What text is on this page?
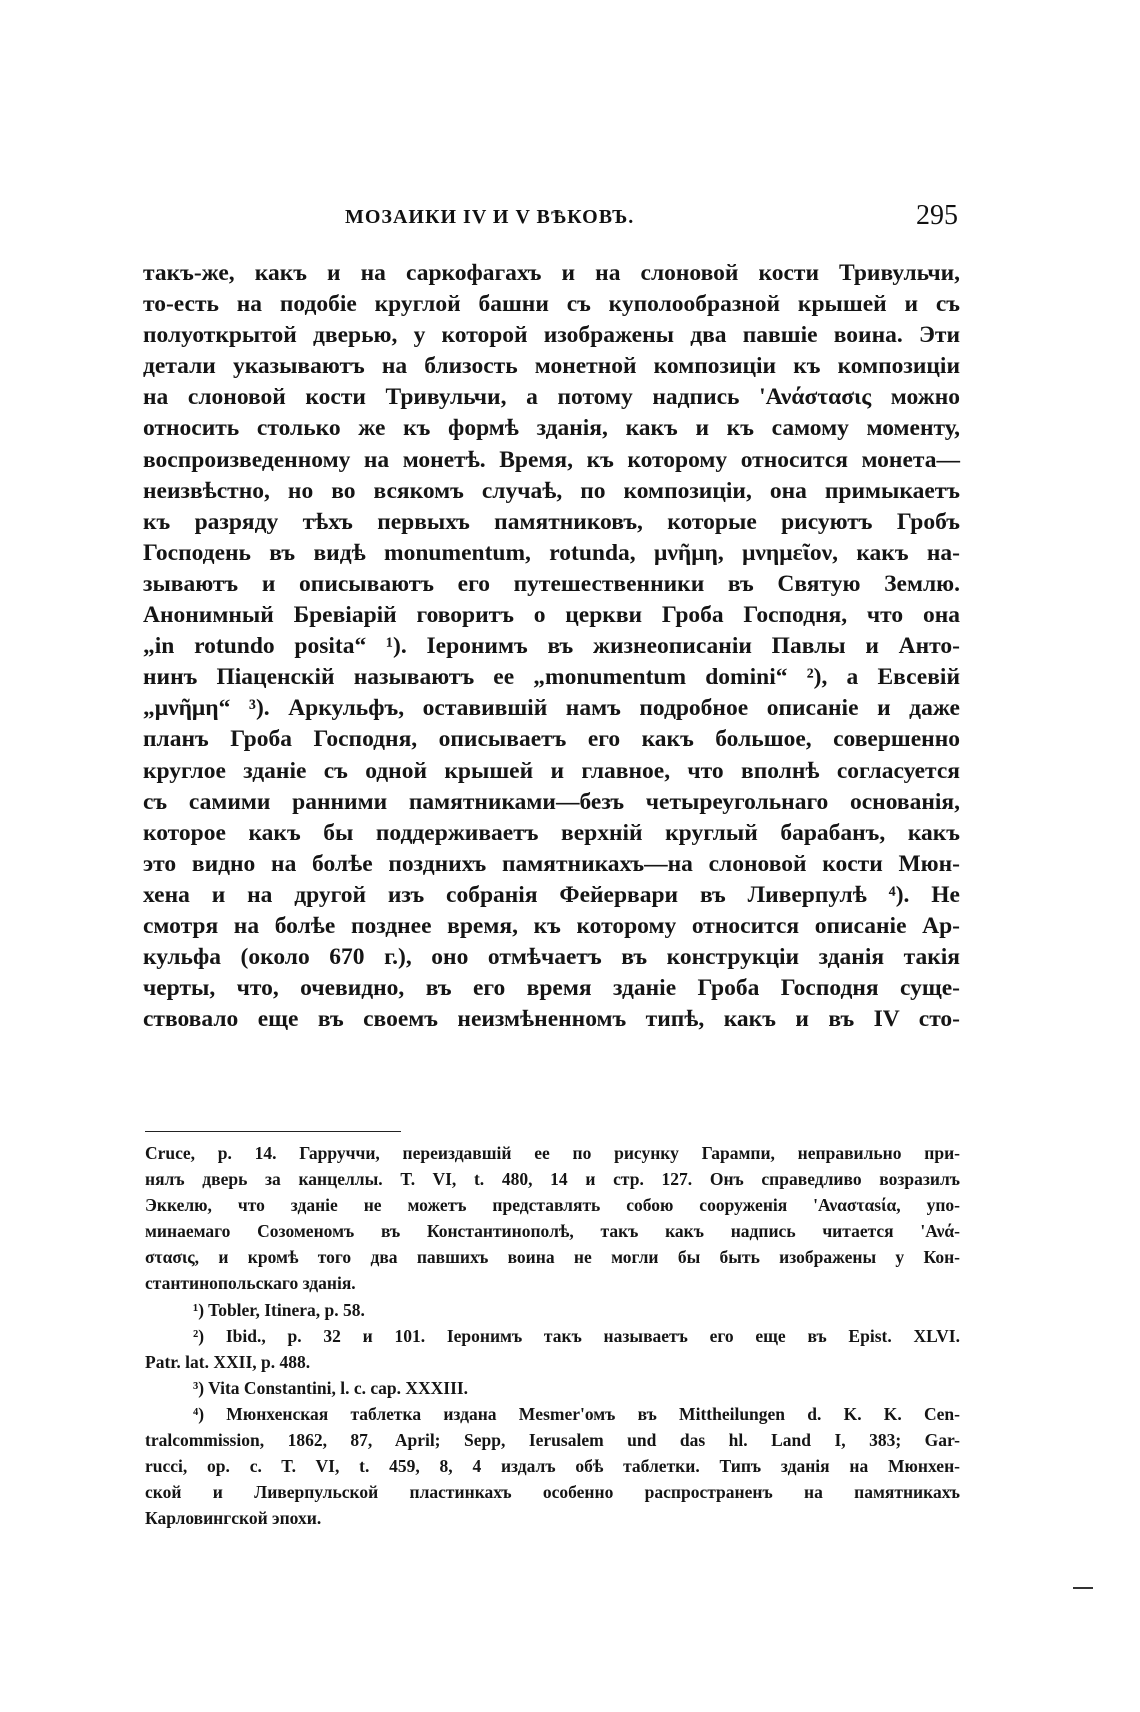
МОЗАИКИ IV И V ВѢКОВЪ.	295
такъ-же, какъ и на саркофагахъ и на слоновой кости Тривульчи,
то-есть на подобіе круглой башни съ куполообразной крышей и съ
полуоткрытой дверью, у которой изображены два павшіе воина. Эти
детали указываютъ на близость монетной композиціи къ композиціи
на слоновой кости Тривульчи, а потому надпись 'Ανάστασις можно
относить столько же къ формѣ зданія, какъ и къ самому моменту,
воспроизведенному на монетѣ. Время, къ которому относится монета—
неизвѣстно, но во всякомъ случаѣ, по композиціи, она примыкаетъ
къ разряду тѣхъ первыхъ памятниковъ, которые рисуютъ Гробъ
Господень въ видѣ monumentum, rotunda, μνῆμη, μνημεῖον, какъ на-
зываютъ и описываютъ его путешественники въ Святую Землю.
Анонимный Бревіарій говоритъ о церкви Гроба Господня, что она
„in rotundo posita“ ¹). Іеронимъ въ жизнеописаніи Павлы и Анто-
нинъ Піаценскій называютъ ее „monumentum domini“ ²), а Евсевій
„μνῆμη“ ³). Аркульфъ, оставившій намъ подробное описаніе и даже
планъ Гроба Господня, описываетъ его какъ большое, совершенно
круглое зданіе съ одной крышей и главное, что вполнѣ согласуется
съ самими ранними памятниками—безъ четыреугольнаго основанія,
которое какъ бы поддерживаетъ верхній круглый барабанъ, какъ
это видно на болѣе позднихъ памятникахъ—на слоновой кости Мюн-
хена и на другой изъ собранія Фейервари въ Ливерпулѣ ⁴). Не
смотря на болѣе позднее время, къ которому относится описаніе Ар-
кульфа (около 670 г.), оно отмѣчаетъ въ конструкціи зданія такія
черты, что, очевидно, въ его время зданіе Гроба Господня суще-
ствовало еще въ своемъ неизмѣненномъ типѣ, какъ и въ IV сто-
Cruce, p. 14. Гарруччи, переиздавшій ее по рисунку Гарампи, неправильно при-
нялъ дверь за канцеллы. T. VI, t. 480, 14 и стр. 127. Онъ справедливо возразилъ
Эккелю, что зданіе не можетъ представлять собою сооруженія 'Ανασταsία, упо-
минаемаго Созоменомъ въ Константинополѣ, такъ какъ надпись читается 'Ανά-
στασις, и кромѣ того два павшихъ воина не могли бы быть изображены у Кон-
стантинопольскаго зданія.
¹) Tobler, Itinera, p. 58.
²) Ibid., p. 32 и 101. Іеронимъ такъ называетъ его еще въ Epist. XLVI.
Patr. lat. XXII, p. 488.
³) Vita Constantini, l. c. cap. XXXIII.
⁴) Мюнхенская таблетка издана Mesmer'омъ въ Mittheilungen d. K. K. Cen-
tralcommission, 1862, 87, April; Sepp, Ierusalem und das hl. Land I, 383; Gar-
rucci, op. c. T. VI, t. 459, 8, 4 издалъ обѣ таблетки. Типъ зданія на Мюнхен-
ской и Ливерпульской пластинкахъ особенно распространенъ на памятникахъ
Карловингской эпохи.
